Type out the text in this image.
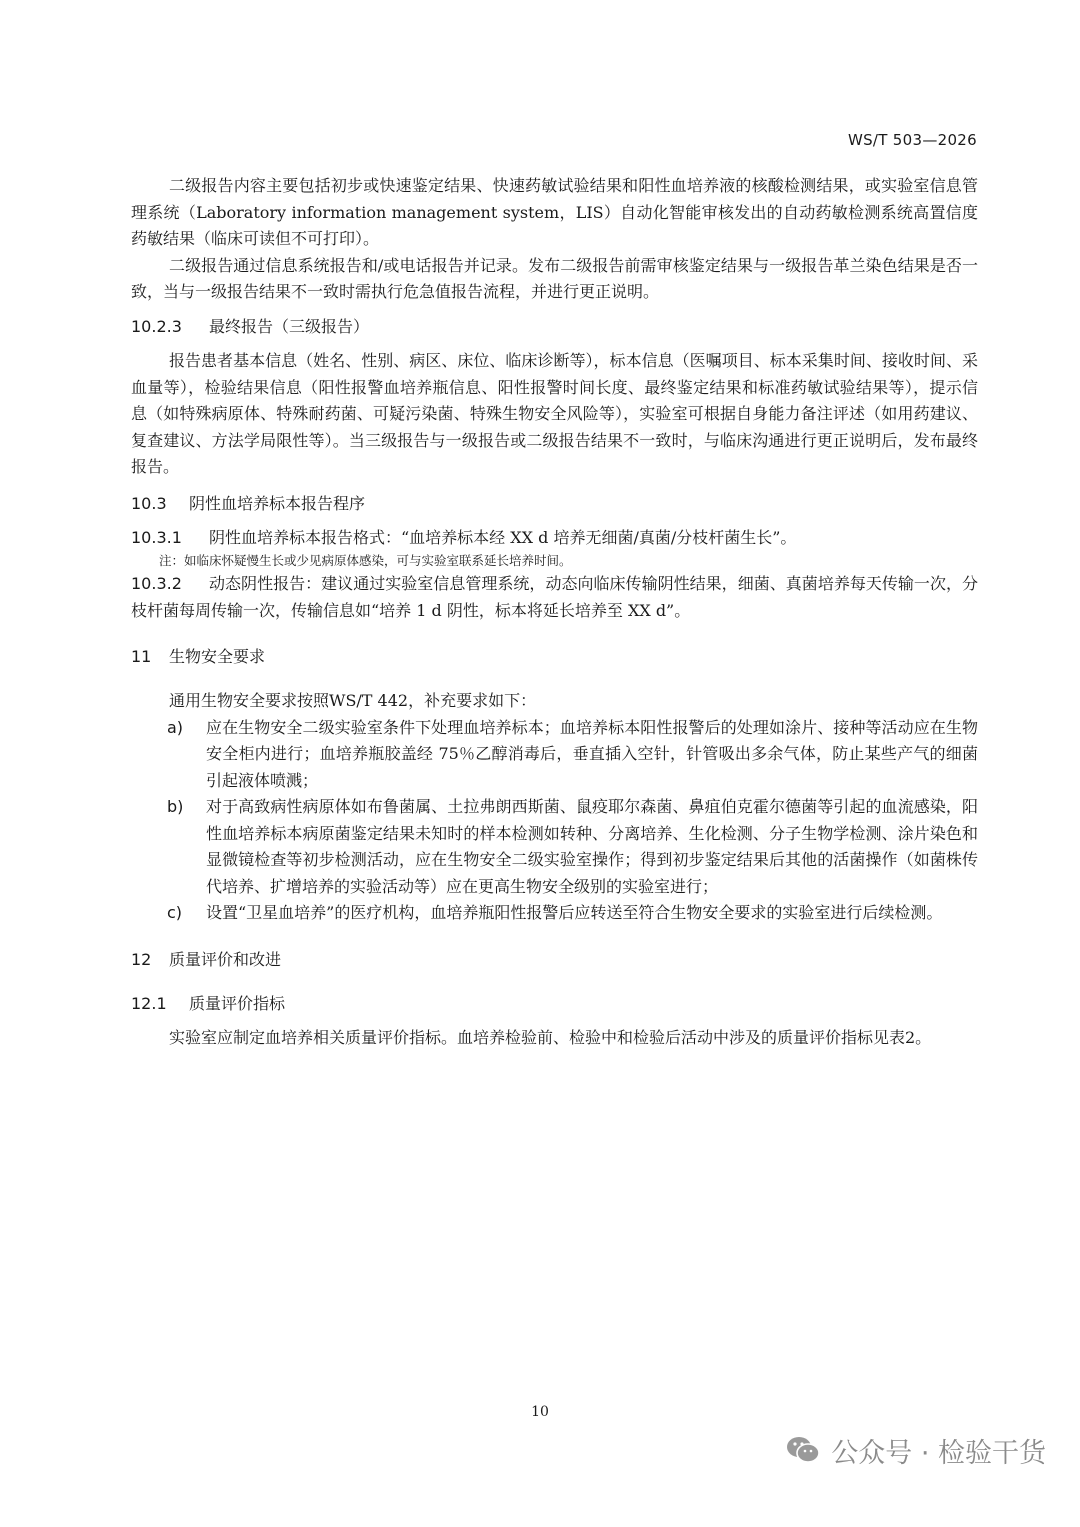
WS/T 503—2026

二级报告内容主要包括初步或快速鉴定结果、快速药敏试验结果和阳性血培养液的核酸检测结果，或实验室信息管理系统（Laboratory information management system，LIS）自动化智能审核发出的自动药敏检测系统高置信度药敏结果（临床可读但不可打印）。

二级报告通过信息系统报告和/或电话报告并记录。发布二级报告前需审核鉴定结果与一级报告革兰染色结果是否一致，当与一级报告结果不一致时需执行危急值报告流程，并进行更正说明。

10.2.3 最终报告（三级报告）

报告患者基本信息（姓名、性别、病区、床位、临床诊断等），标本信息（医嘱项目、标本采集时间、接收时间、采血量等），检验结果信息（阳性报警血培养瓶信息、阳性报警时间长度、最终鉴定结果和标准药敏试验结果等），提示信息（如特殊病原体、特殊耐药菌、可疑污染菌、特殊生物安全风险等），实验室可根据自身能力备注评述（如用药建议、复查建议、方法学局限性等）。当三级报告与一级报告或二级报告结果不一致时，与临床沟通进行更正说明后，发布最终报告。

10.3 阴性血培养标本报告程序

10.3.1 阴性血培养标本报告格式：“血培养标本经 XX d 培养无细菌/真菌/分枝杆菌生长”。

注：如临床怀疑慢生长或少见病原体感染，可与实验室联系延长培养时间。

10.3.2 动态阴性报告：建议通过实验室信息管理系统，动态向临床传输阴性结果，细菌、真菌培养每天传输一次，分枝杆菌每周传输一次，传输信息如“培养 1 d 阴性，标本将延长培养至 XX d”。

11 生物安全要求

通用生物安全要求按照WS/T 442，补充要求如下：

a) 应在生物安全二级实验室条件下处理血培养标本；血培养标本阳性报警后的处理如涂片、接种等活动应在生物安全柜内进行；血培养瓶胶盖经 75％乙醇消毒后，垂直插入空针，针管吸出多余气体，防止某些产气的细菌引起液体喷溅；
b) 对于高致病性病原体如布鲁菌属、土拉弗朗西斯菌、鼠疫耶尔森菌、鼻疽伯克霍尔德菌等引起的血流感染，阳性血培养标本病原菌鉴定结果未知时的样本检测如转种、分离培养、生化检测、分子生物学检测、涂片染色和显微镜检查等初步检测活动，应在生物安全二级实验室操作；得到初步鉴定结果后其他的活菌操作（如菌株传代培养、扩增培养的实验活动等）应在更高生物安全级别的实验室进行；
c) 设置“卫星血培养”的医疗机构，血培养瓶阳性报警后应转送至符合生物安全要求的实验室进行后续检测。
12 质量评价和改进
12.1 质量评价指标

实验室应制定血培养相关质量评价指标。血培养检验前、检验中和检验后活动中涉及的质量评价指标见表2。

10
公众号 · 检验干货
